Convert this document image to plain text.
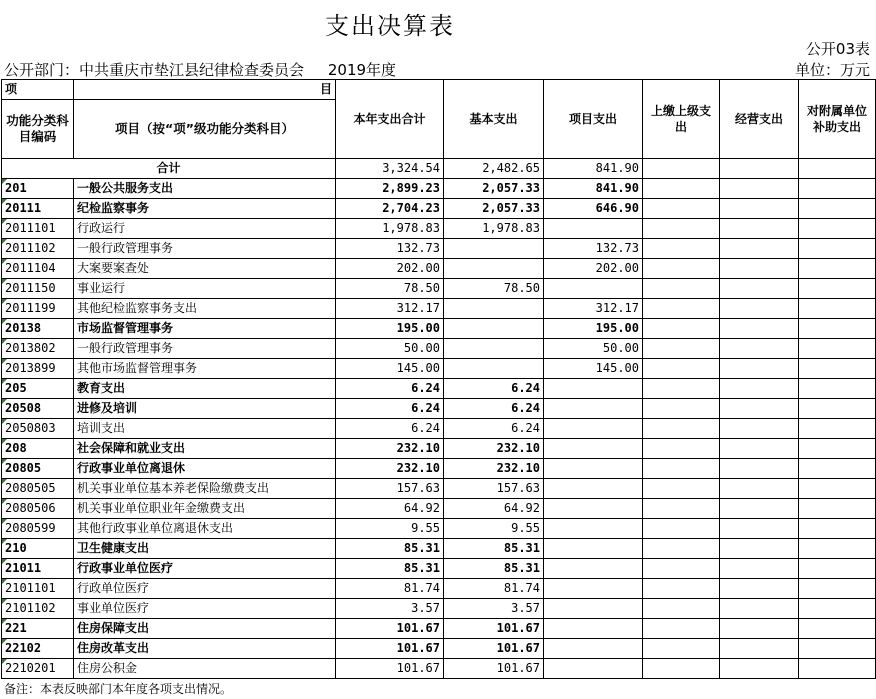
支出决算表
公开03表
公开部门：中共重庆市垫江县纪律检查委员会 2019年度	单位：万元
项	目	本年支出合计	基本支出	项目支出	上缴上级支出	经营支出	对附属单位补助支出
功能分类科目编码	项目（按“项”级功能分类科目）						
合计		3,324.54	2,482.65	841.90			
201	一般公共服务支出	2,899.23	2,057.33	841.90			
20111	纪检监察事务	2,704.23	2,057.33	646.90			
2011101	行政运行	1,978.83	1,978.83				
2011102	一般行政管理事务	132.73		132.73			
2011104	大案要案查处	202.00		202.00			
2011150	事业运行	78.50	78.50				
2011199	其他纪检监察事务支出	312.17		312.17			
20138	市场监督管理事务	195.00		195.00			
2013802	一般行政管理事务	50.00		50.00			
2013899	其他市场监督管理事务	145.00		145.00			
205	教育支出	6.24	6.24				
20508	进修及培训	6.24	6.24				
2050803	培训支出	6.24	6.24				
208	社会保障和就业支出	232.10	232.10				
20805	行政事业单位离退休	232.10	232.10				
2080505	机关事业单位基本养老保险缴费支出	157.63	157.63				
2080506	机关事业单位职业年金缴费支出	64.92	64.92				
2080599	其他行政事业单位离退休支出	9.55	9.55				
210	卫生健康支出	85.31	85.31				
21011	行政事业单位医疗	85.31	85.31				
2101101	行政单位医疗	81.74	81.74				
2101102	事业单位医疗	3.57	3.57				
221	住房保障支出	101.67	101.67				
22102	住房改革支出	101.67	101.67				
2210201	住房公积金	101.67	101.67				
备注：本表反映部门本年度各项支出情况。
